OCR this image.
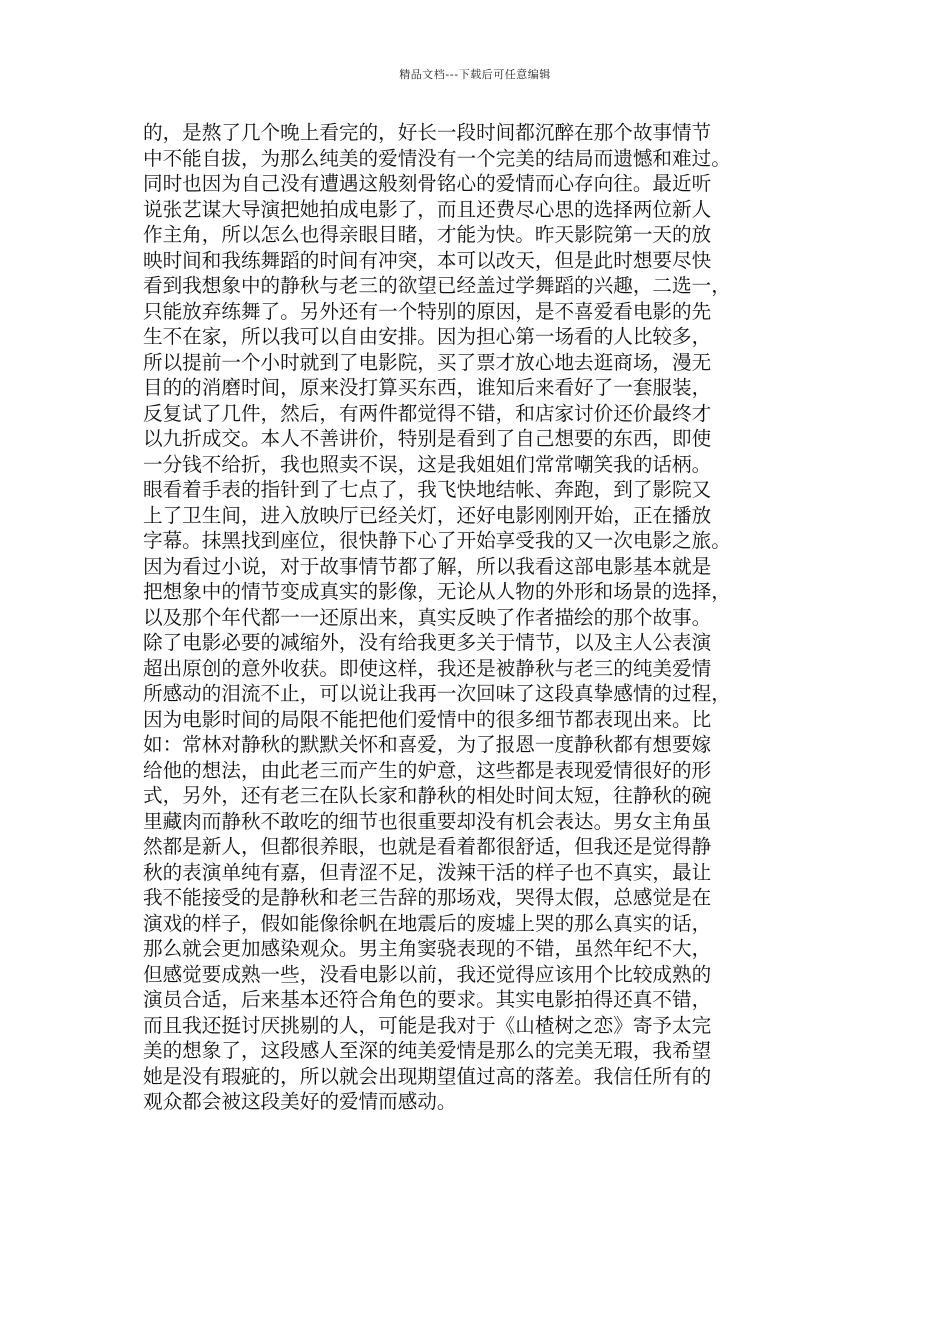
精品文档---下载后可任意编辑
的，是熬了几个晚上看完的，好长一段时间都沉醉在那个故事情节
中不能自拔，为那么纯美的爱情没有一个完美的结局而遗憾和难过。
同时也因为自己没有遭遇这般刻骨铭心的爱情而心存向往。最近听
说张艺谋大导演把她拍成电影了，而且还费尽心思的选择两位新人
作主角，所以怎么也得亲眼目睹，才能为快。昨天影院第一天的放
映时间和我练舞蹈的时间有冲突，本可以改天，但是此时想要尽快
看到我想象中的静秋与老三的欲望已经盖过学舞蹈的兴趣，二选一，
只能放弃练舞了。另外还有一个特别的原因，是不喜爱看电影的先
生不在家，所以我可以自由安排。因为担心第一场看的人比较多，
所以提前一个小时就到了电影院，买了票才放心地去逛商场，漫无
目的的消磨时间，原来没打算买东西，谁知后来看好了一套服装，
反复试了几件，然后，有两件都觉得不错，和店家讨价还价最终才
以九折成交。本人不善讲价，特别是看到了自己想要的东西，即使
一分钱不给折，我也照卖不误，这是我姐姐们常常嘲笑我的话柄。
眼看着手表的指针到了七点了，我飞快地结帐、奔跑，到了影院又
上了卫生间，进入放映厅已经关灯，还好电影刚刚开始，正在播放
字幕。抹黑找到座位，很快静下心了开始享受我的又一次电影之旅。
因为看过小说，对于故事情节都了解，所以我看这部电影基本就是
把想象中的情节变成真实的影像，无论从人物的外形和场景的选择，
以及那个年代都一一还原出来，真实反映了作者描绘的那个故事。
除了电影必要的减缩外，没有给我更多关于情节，以及主人公表演
超出原创的意外收获。即使这样，我还是被静秋与老三的纯美爱情
所感动的泪流不止，可以说让我再一次回味了这段真挚感情的过程，
因为电影时间的局限不能把他们爱情中的很多细节都表现出来。比
如：常林对静秋的默默关怀和喜爱，为了报恩一度静秋都有想要嫁
给他的想法，由此老三而产生的妒意，这些都是表现爱情很好的形
式，另外，还有老三在队长家和静秋的相处时间太短，往静秋的碗
里藏肉而静秋不敢吃的细节也很重要却没有机会表达。男女主角虽
然都是新人，但都很养眼，也就是看着都很舒适，但我还是觉得静
秋的表演单纯有嘉，但青涩不足，泼辣干活的样子也不真实，最让
我不能接受的是静秋和老三告辞的那场戏，哭得太假，总感觉是在
演戏的样子，假如能像徐帆在地震后的废墟上哭的那么真实的话，
那么就会更加感染观众。男主角窦骁表现的不错，虽然年纪不大，
但感觉要成熟一些，没看电影以前，我还觉得应该用个比较成熟的
演员合适，后来基本还符合角色的要求。其实电影拍得还真不错，
而且我还挺讨厌挑剔的人，可能是我对于《山楂树之恋》寄予太完
美的想象了，这段感人至深的纯美爱情是那么的完美无瑕，我希望
她是没有瑕疵的，所以就会出现期望值过高的落差。我信任所有的
观众都会被这段美好的爱情而感动。
